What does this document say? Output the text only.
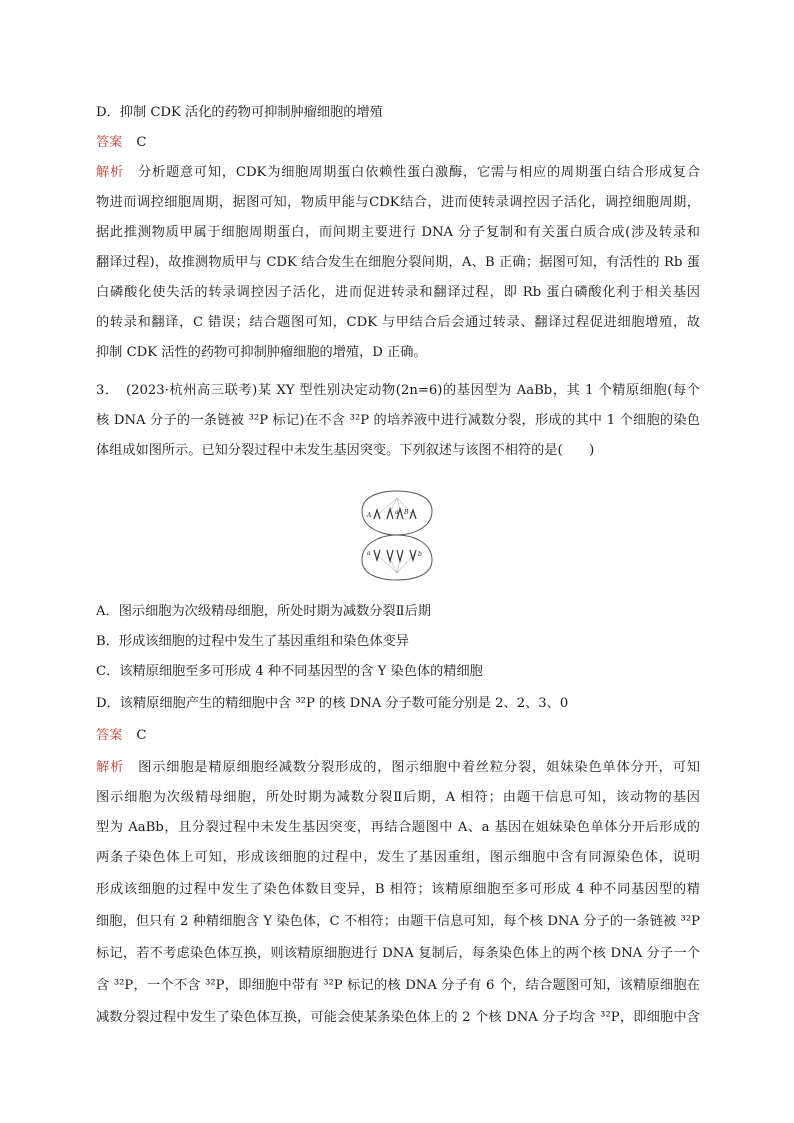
D．抑制 CDK 活化的药物可抑制肿瘤细胞的增殖
答案 C
解析 分析题意可知，CDK为细胞周期蛋白依赖性蛋白激酶，它需与相应的周期蛋白结合形成复合
物进而调控细胞周期，据图可知，物质甲能与CDK结合，进而使转录调控因子活化，调控细胞周期，
据此推测物质甲属于细胞周期蛋白，而间期主要进行 DNA 分子复制和有关蛋白质合成(涉及转录和
翻译过程)，故推测物质甲与 CDK 结合发生在细胞分裂间期，A、B 正确；据图可知，有活性的 Rb 蛋
白磷酸化使失活的转录调控因子活化，进而促进转录和翻译过程，即 Rb 蛋白磷酸化利于相关基因
的转录和翻译，C 错误；结合题图可知，CDK 与甲结合后会通过转录、翻译过程促进细胞增殖，故
抑制 CDK 活性的药物可抑制肿瘤细胞的增殖，D 正确。
3．　(2023·杭州高三联考)某 XY 型性别决定动物(2n=6)的基因型为 AaBb，其 1 个精原细胞(每个
核 DNA 分子的一条链被 ³²P 标记)在不含 ³²P 的培养液中进行减数分裂，形成的其中 1 个细胞的染色
体组成如图所示。已知分裂过程中未发生基因突变。下列叙述与该图不相符的是(　　)
A	a B
a	b
A．图示细胞为次级精母细胞，所处时期为减数分裂Ⅱ后期
B．形成该细胞的过程中发生了基因重组和染色体变异
C．该精原细胞至多可形成 4 种不同基因型的含 Y 染色体的精细胞
D．该精原细胞产生的精细胞中含 ³²P 的核 DNA 分子数可能分别是 2、2、3、0
答案 C
解析 图示细胞是精原细胞经减数分裂形成的，图示细胞中着丝粒分裂，姐妹染色单体分开，可知
图示细胞为次级精母细胞，所处时期为减数分裂Ⅱ后期，A 相符；由题干信息可知，该动物的基因
型为 AaBb，且分裂过程中未发生基因突变，再结合题图中 A、a 基因在姐妹染色单体分开后形成的
两条子染色体上可知，形成该细胞的过程中，发生了基因重组，图示细胞中含有同源染色体，说明
形成该细胞的过程中发生了染色体数目变异，B 相符；该精原细胞至多可形成 4 种不同基因型的精
细胞，但只有 2 种精细胞含 Y 染色体，C 不相符；由题干信息可知，每个核 DNA 分子的一条链被 ³²P
标记，若不考虑染色体互换，则该精原细胞进行 DNA 复制后，每条染色体上的两个核 DNA 分子一个
含 ³²P，一个不含 ³²P，即细胞中带有 ³²P 标记的核 DNA 分子有 6 个，结合题图可知，该精原细胞在
减数分裂过程中发生了染色体互换，可能会使某条染色体上的 2 个核 DNA 分子均含 ³²P，即细胞中含
